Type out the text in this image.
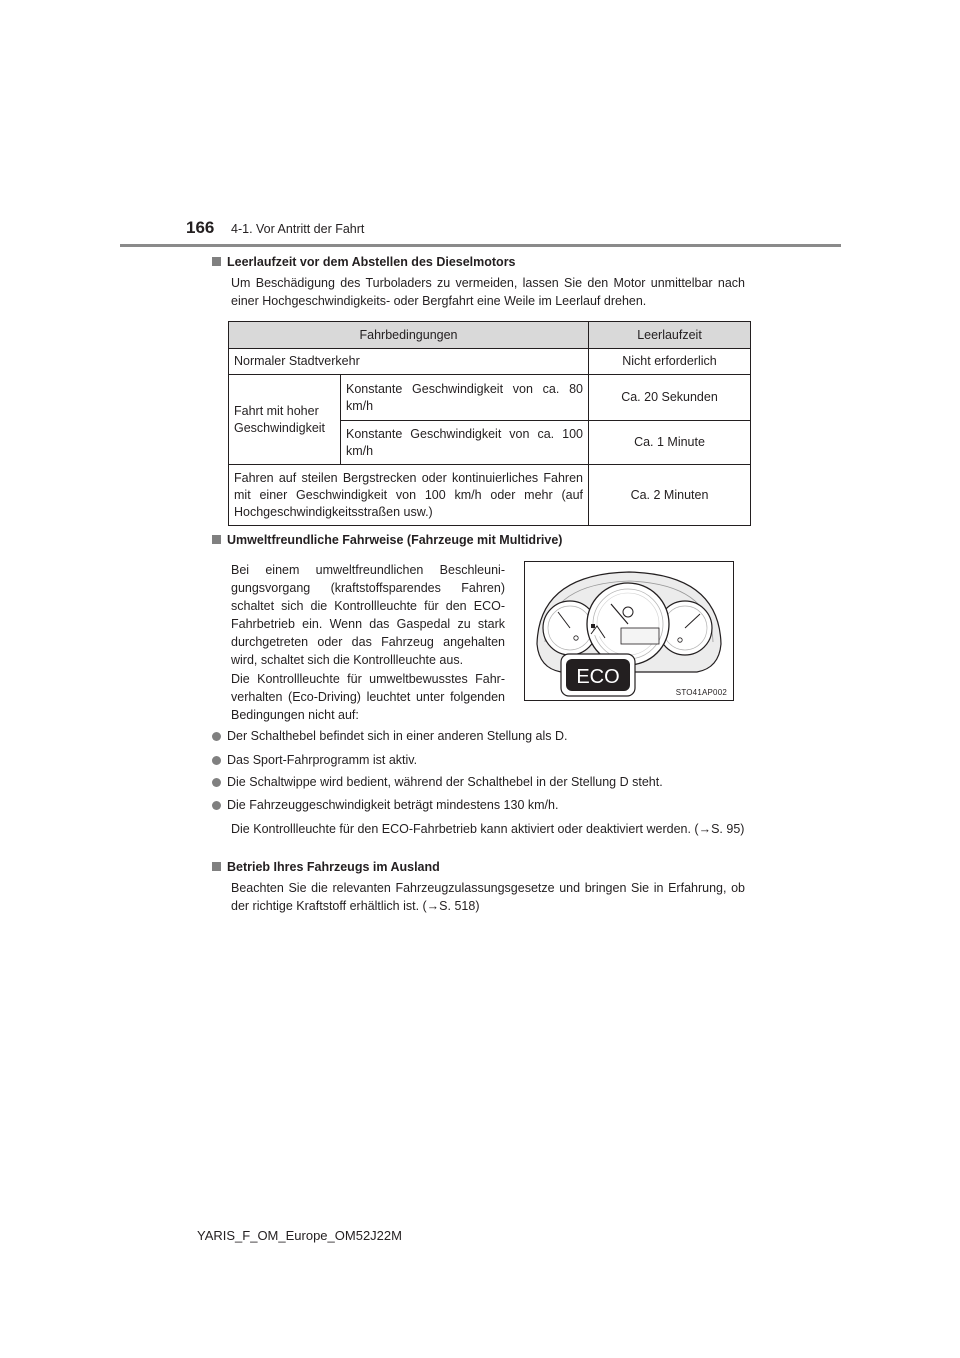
166 4-1. Vor Antritt der Fahrt
Leerlaufzeit vor dem Abstellen des Dieselmotors
Um Beschädigung des Turboladers zu vermeiden, lassen Sie den Motor unmittelbar nach einer Hochgeschwindigkeits- oder Bergfahrt eine Weile im Leerlauf drehen.
Fahrbedingungen		Leerlaufzeit
Normaler Stadtverkehr		Nicht erforderlich
Fahrt mit hoher Geschwindigkeit	Konstante Geschwindigkeit von ca. 80 km/h	Ca. 20 Sekunden
	Konstante Geschwindigkeit von ca. 100 km/h	Ca. 1 Minute
Fahren auf steilen Bergstrecken oder kontinuierliches Fahren mit einer Geschwindigkeit von 100 km/h oder mehr (auf Hochgeschwindigkeitsstraßen usw.)		Ca. 2 Minuten
Umweltfreundliche Fahrweise (Fahrzeuge mit Multidrive)
Bei einem umweltfreundlichen Beschleunigungsvorgang (kraftstoffsparendes Fahren) schaltet sich die Kontrollleuchte für den ECO-Fahrbetrieb ein. Wenn das Gaspedal zu stark durchgetreten oder das Fahrzeug angehalten wird, schaltet sich die Kontrollleuchte aus.
Die Kontrollleuchte für umweltbewusstes Fahrverhalten (Eco-Driving) leuchtet unter folgenden Bedingungen nicht auf:
ECO
STO41AP002
Der Schalthebel befindet sich in einer anderen Stellung als D.
Das Sport-Fahrprogramm ist aktiv.
Die Schaltwippe wird bedient, während der Schalthebel in der Stellung D steht.
Die Fahrzeuggeschwindigkeit beträgt mindestens 130 km/h.
Die Kontrollleuchte für den ECO-Fahrbetrieb kann aktiviert oder deaktiviert werden. (→S. 95)
Betrieb Ihres Fahrzeugs im Ausland
Beachten Sie die relevanten Fahrzeugzulassungsgesetze und bringen Sie in Erfahrung, ob der richtige Kraftstoff erhältlich ist. (→S. 518)
YARIS_F_OM_Europe_OM52J22M
